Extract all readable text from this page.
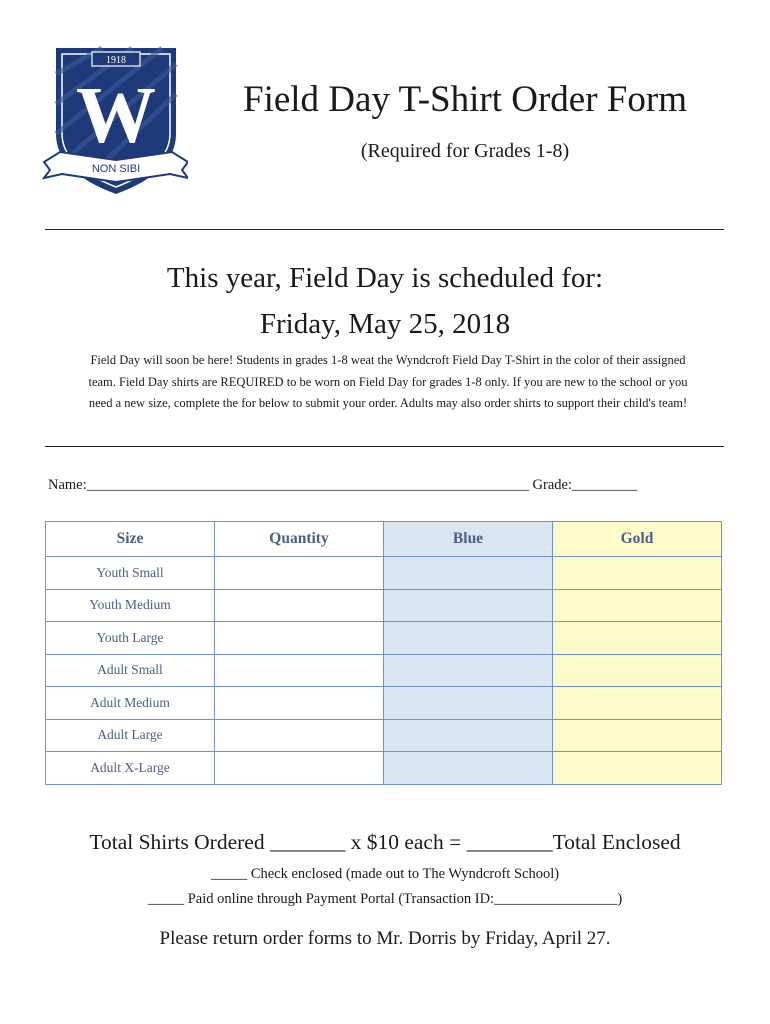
1918
W
NON SIBI
Field Day T-Shirt Order Form
(Required for Grades 1-8)
This year, Field Day is scheduled for:
Friday, May 25, 2018
Field Day will soon be here! Students in grades 1-8 weat the Wyndcroft Field Day T-Shirt in the color of their assigned
team. Field Day shirts are REQUIRED to be worn on Field Day for grades 1-8 only. If you are new to the school or you
need a new size, complete the for below to submit your order. Adults may also order shirts to support their child's team!
Name:_____________________________________________________________ Grade:_________
Size	Quantity	Blue	Gold
Youth Small			
Youth Medium			
Youth Large			
Adult Small			
Adult Medium			
Adult Large			
Adult X-Large			
Total Shirts Ordered _______ x $10 each = ________Total Enclosed
_____ Check enclosed (made out to The Wyndcroft School)
_____ Paid online through Payment Portal (Transaction ID:_________________)
Please return order forms to Mr. Dorris by Friday, April 27.
